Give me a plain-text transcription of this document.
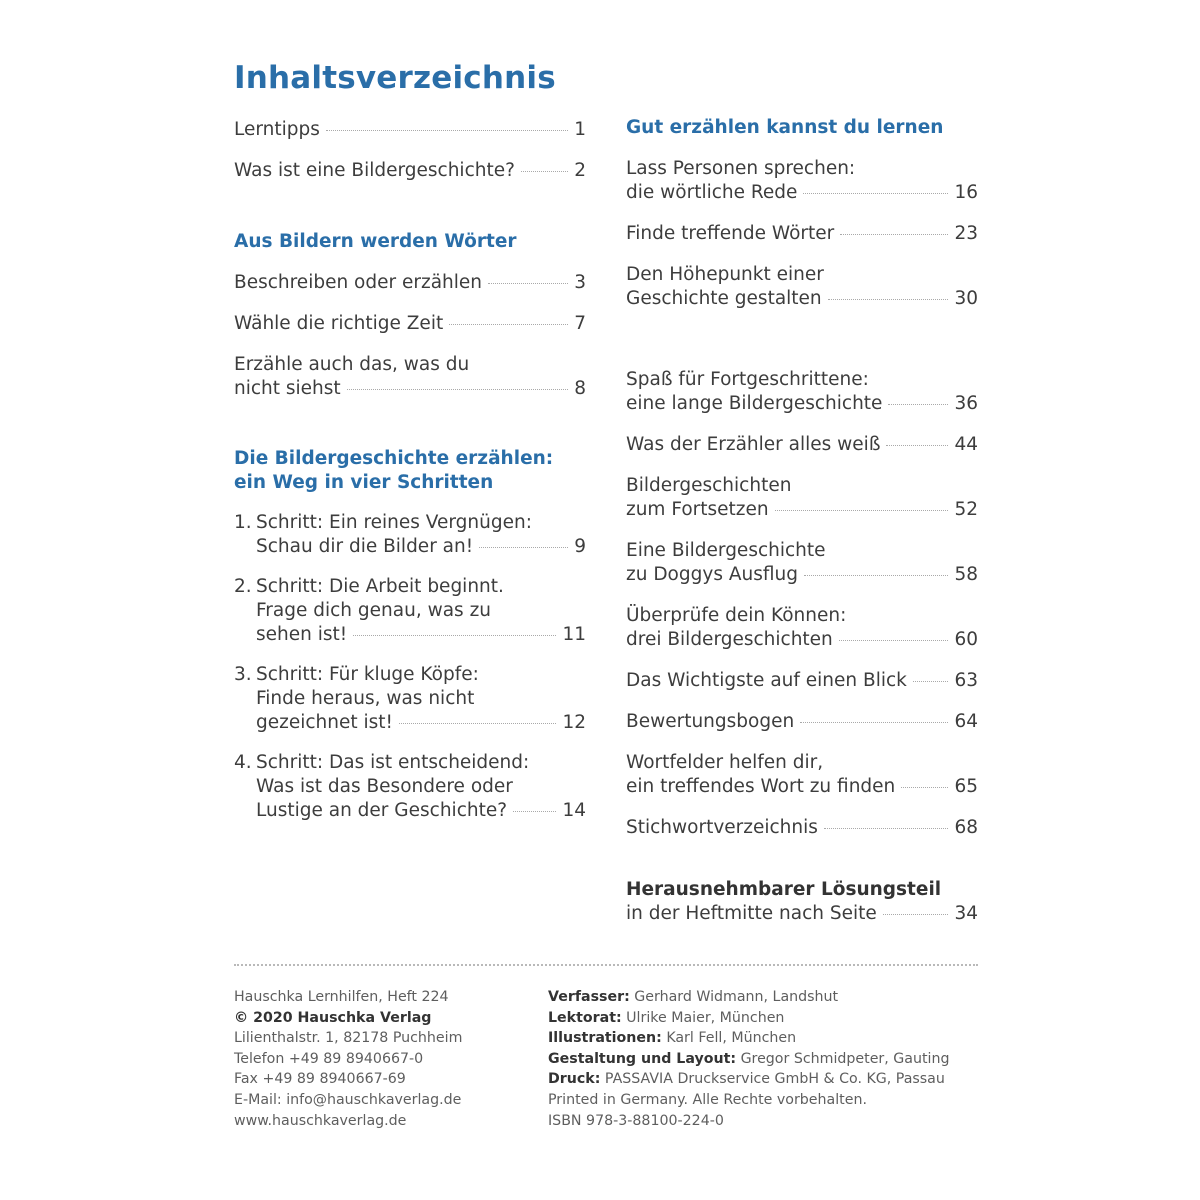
Inhaltsverzeichnis
Lerntipps	1
Was ist eine Bildergeschichte?	2
Aus Bildern werden Wörter
Beschreiben oder erzählen	3
Wähle die richtige Zeit	7
Erzähle auch das, was du
nicht siehst	8
Die Bildergeschichte erzählen:
ein Weg in vier Schritten
1. Schritt: Ein reines Vergnügen:
Schau dir die Bilder an!	9
2. Schritt: Die Arbeit beginnt.
Frage dich genau, was zu
sehen ist!	11
3. Schritt: Für kluge Köpfe:
Finde heraus, was nicht
gezeichnet ist!	12
4. Schritt: Das ist entscheidend:
Was ist das Besondere oder
Lustige an der Geschichte?	14
Gut erzählen kannst du lernen
Lass Personen sprechen:
die wörtliche Rede	16
Finde treffende Wörter	23
Den Höhepunkt einer
Geschichte gestalten	30
Spaß für Fortgeschrittene:
eine lange Bildergeschichte	36
Was der Erzähler alles weiß	44
Bildergeschichten
zum Fortsetzen	52
Eine Bildergeschichte
zu Doggys Ausflug	58
Überprüfe dein Können:
drei Bildergeschichten	60
Das Wichtigste auf einen Blick	63
Bewertungsbogen	64
Wortfelder helfen dir,
ein treffendes Wort zu finden	65
Stichwortverzeichnis	68
Herausnehmbarer Lösungsteil
in der Heftmitte nach Seite	34
Hauschka Lernhilfen, Heft 224
© 2020 Hauschka Verlag
Lilienthalstr. 1, 82178 Puchheim
Telefon +49 89 8940667-0
Fax +49 89 8940667-69
E-Mail: info@hauschkaverlag.de
www.hauschkaverlag.de
Verfasser: Gerhard Widmann, Landshut
Lektorat: Ulrike Maier, München
Illustrationen: Karl Fell, München
Gestaltung und Layout: Gregor Schmidpeter, Gauting
Druck: PASSAVIA Druckservice GmbH & Co. KG, Passau
Printed in Germany. Alle Rechte vorbehalten.
ISBN 978-3-88100-224-0
